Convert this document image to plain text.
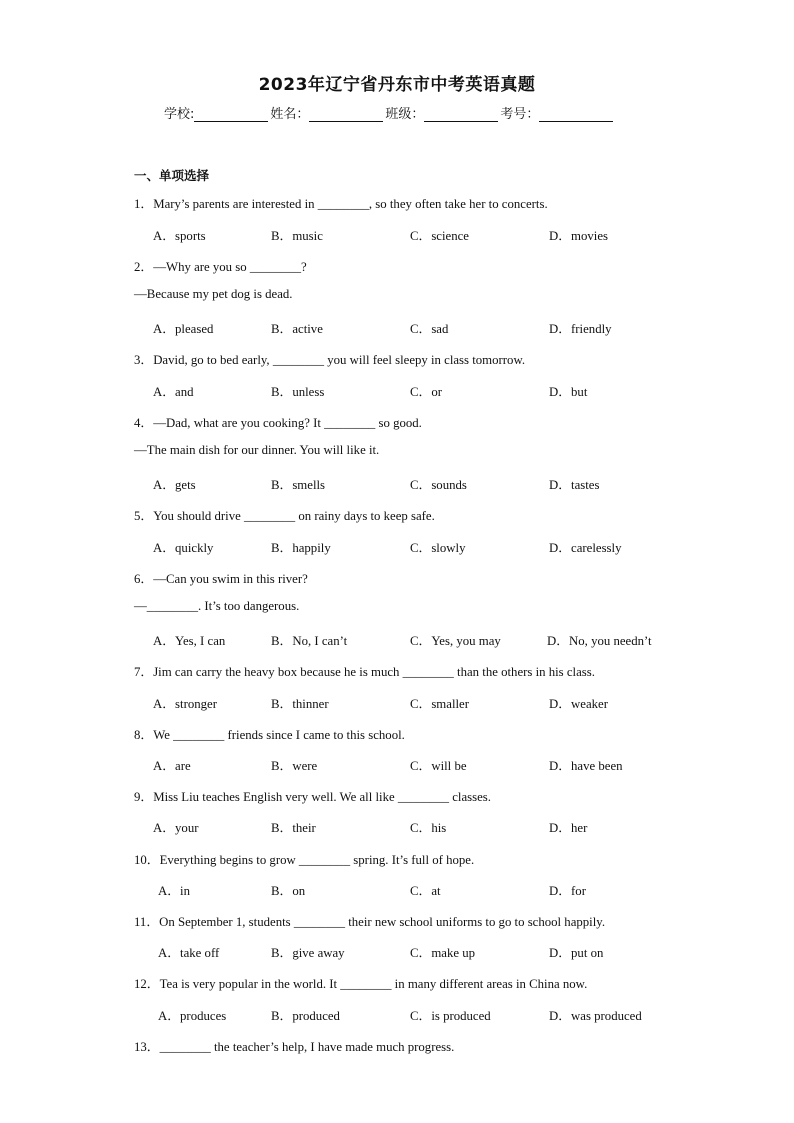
2023年辽宁省丹东市中考英语真题
学校:	姓名：	班级：	考号：
一、单项选择
1．Mary’s parents are interested in ________, so they often take her to concerts.
A．sports	B．music	C．science	D．movies
2．—Why are you so ________?
—Because my pet dog is dead.
A．pleased	B．active	C．sad	D．friendly
3．David, go to bed early, ________ you will feel sleepy in class tomorrow.
A．and	B．unless	C．or	D．but
4．—Dad, what are you cooking? It ________ so good.
—The main dish for our dinner. You will like it.
A．gets	B．smells	C．sounds	D．tastes
5．You should drive ________ on rainy days to keep safe.
A．quickly	B．happily	C．slowly	D．carelessly
6．—Can you swim in this river?
—________. It’s too dangerous.
A．Yes, I can	B．No, I can’t	C．Yes, you may	D．No, you needn’t
7．Jim can carry the heavy box because he is much ________ than the others in his class.
A．stronger	B．thinner	C．smaller	D．weaker
8．We ________ friends since I came to this school.
A．are	B．were	C．will be	D．have been
9．Miss Liu teaches English very well. We all like ________ classes.
A．your	B．their	C．his	D．her
10．Everything begins to grow ________ spring. It’s full of hope.
A．in	B．on	C．at	D．for
11．On September 1, students ________ their new school uniforms to go to school happily.
A．take off	B．give away	C．make up	D．put on
12．Tea is very popular in the world. It ________ in many different areas in China now.
A．produces	B．produced	C．is produced	D．was produced
13．________ the teacher’s help, I have made much progress.
